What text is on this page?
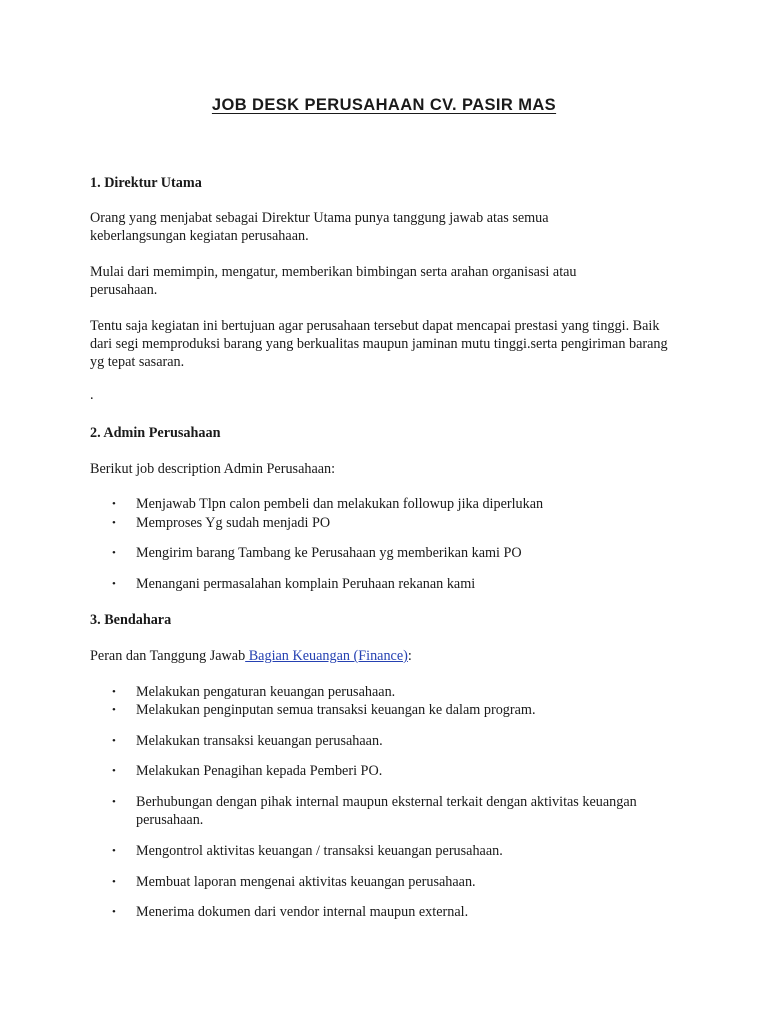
JOB DESK PERUSAHAAN CV. PASIR MAS

1. Direktur Utama

Orang yang menjabat sebagai Direktur Utama punya tanggung jawab atas semua keberlangsungan kegiatan perusahaan.

Mulai dari memimpin, mengatur, memberikan bimbingan serta arahan organisasi atau perusahaan.

Tentu saja kegiatan ini bertujuan agar perusahaan tersebut dapat mencapai prestasi yang tinggi. Baik dari segi memproduksi barang yang berkualitas maupun jaminan mutu tinggi.serta pengiriman barang yg tepat sasaran.

.

2. Admin Perusahaan

Berikut job description Admin Perusahaan:

• Menjawab Tlpn calon pembeli dan melakukan followup jika diperlukan
• Memproses Yg sudah menjadi PO
• Mengirim barang Tambang ke Perusahaan yg memberikan kami PO
• Menangani permasalahan komplain Peruhaan rekanan kami

3. Bendahara

Peran dan Tanggung Jawab Bagian Keuangan (Finance):

• Melakukan pengaturan keuangan perusahaan.
• Melakukan penginputan semua transaksi keuangan ke dalam program.
• Melakukan transaksi keuangan perusahaan.
• Melakukan Penagihan kepada Pemberi PO.
• Berhubungan dengan pihak internal maupun eksternal terkait dengan aktivitas keuangan perusahaan.
• Mengontrol aktivitas keuangan / transaksi keuangan perusahaan.
• Membuat laporan mengenai aktivitas keuangan perusahaan.
• Menerima dokumen dari vendor internal maupun external.
